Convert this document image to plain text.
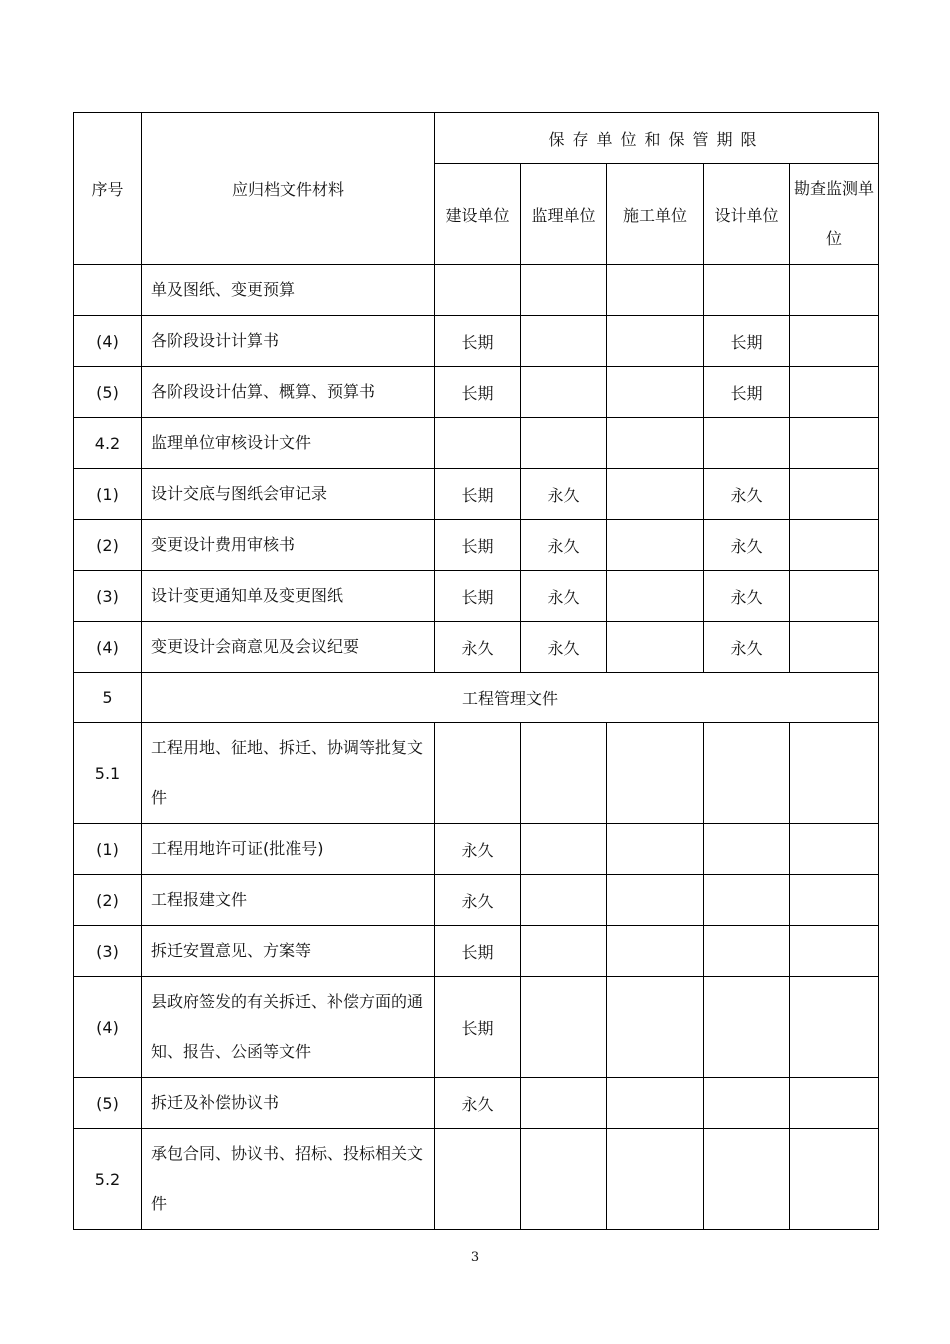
序号	应归档文件材料	保存单位和保管期限				
		建设单位	监理单位	施工单位	设计单位	勘查监测单位
	单及图纸、变更预算					
(4)	各阶段设计计算书	长期			长期	
(5)	各阶段设计估算、概算、预算书	长期			长期	
4.2	监理单位审核设计文件					
(1)	设计交底与图纸会审记录	长期	永久		永久	
(2)	变更设计费用审核书	长期	永久		永久	
(3)	设计变更通知单及变更图纸	长期	永久		永久	
(4)	变更设计会商意见及会议纪要	永久	永久		永久	
5	工程管理文件					
5.1	工程用地、征地、拆迁、协调等批复文件					
(1)	工程用地许可证(批准号)	永久				
(2)	工程报建文件	永久				
(3)	拆迁安置意见、方案等	长期				
(4)	县政府签发的有关拆迁、补偿方面的通知、报告、公函等文件	长期				
(5)	拆迁及补偿协议书	永久				
5.2	承包合同、协议书、招标、投标相关文件					
3
